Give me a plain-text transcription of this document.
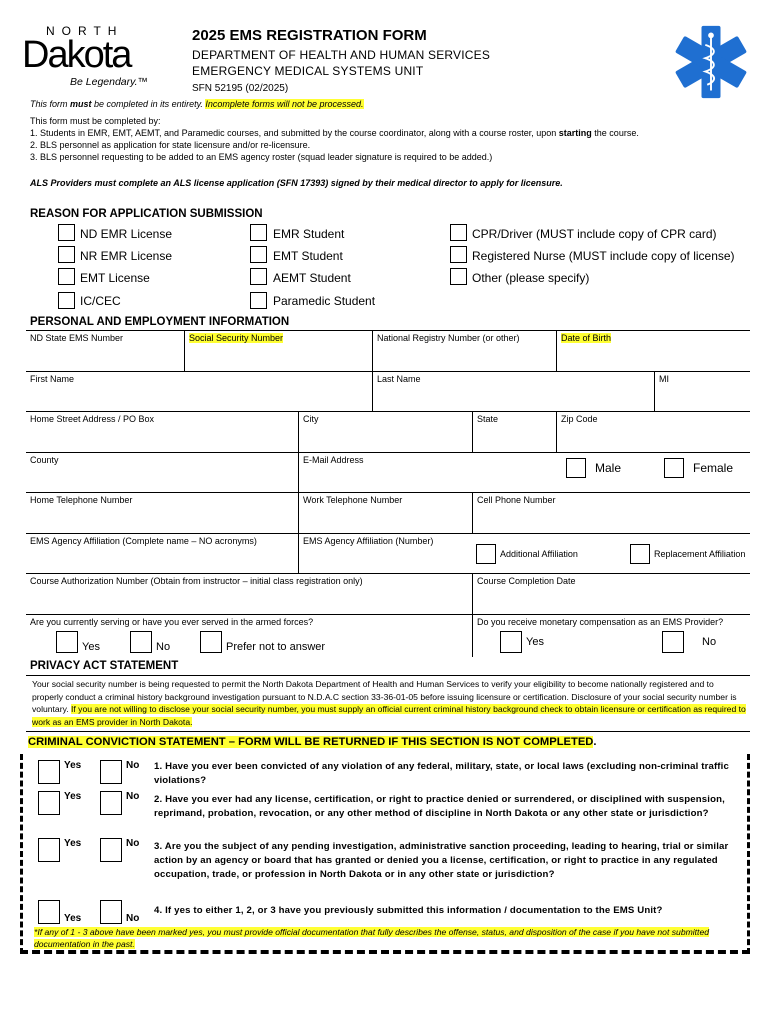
NORTH
Dakota
Be Legendary.™
2025 EMS REGISTRATION FORM
DEPARTMENT OF HEALTH AND HUMAN SERVICES
EMERGENCY MEDICAL SYSTEMS UNIT
SFN 52195 (02/2025)

This form must be completed in its entirety. Incomplete forms will not be processed.

This form must be completed by:

1. Students in EMR, EMT, AEMT, and Paramedic courses, and submitted by the course coordinator, along with a course roster, upon starting the course.

2. BLS personnel as application for state licensure and/or re-licensure.

3. BLS personnel requesting to be added to an EMS agency roster (squad leader signature is required to be added.)

ALS Providers must complete an ALS license application (SFN 17393) signed by their medical director to apply for licensure.
REASON FOR APPLICATION SUBMISSION
ND EMR License
NR EMR License
EMT License
IC/CEC
EMR Student
EMT Student
AEMT Student
Paramedic Student
CPR/Driver (MUST include copy of CPR card)
Registered Nurse (MUST include copy of license)
Other (please specify)
PERSONAL AND EMPLOYMENT INFORMATION
ND State EMS Number	Social Security Number	National Registry Number (or other)	Date of Birth
First Name	Last Name	MI
Home Street Address / PO Box	City	State	Zip Code
County	E-Mail Address
Male	Female
Home Telephone Number	Work Telephone Number	Cell Phone Number
EMS Agency Affiliation (Complete name – NO acronyms)	EMS Agency Affiliation (Number)
Additional Affiliation	Replacement Affiliation
Course Authorization Number (Obtain from instructor – initial class registration only)	Course Completion Date
Are you currently serving or have you ever served in the armed forces?	Do you receive monetary compensation as an EMS Provider?
Yes	No	Prefer not to answer	Yes	No
PRIVACY ACT STATEMENT
Your social security number is being requested to permit the North Dakota Department of Health and Human Services to verify your eligibility to become nationally registered and to properly conduct a criminal history background investigation pursuant to N.D.A.C section 33-36-01-05 before issuing licensure or certification. Disclosure of your social security number is voluntary. If you are not willing to disclose your social security number, you must supply an official current criminal history background check to obtain licensure or certification as required to work as an EMS provider in North Dakota.
CRIMINAL CONVICTION STATEMENT – FORM WILL BE RETURNED IF THIS SECTION IS NOT COMPLETED.
Yes	No 1. Have you ever been convicted of any violation of any federal, military, state, or local laws (excluding non-criminal traffic violations?
Yes	No 2. Have you ever had any license, certification, or right to practice denied or surrendered, or disciplined with suspension, reprimand, probation, revocation, or any other method of discipline in North Dakota or any other state or jurisdiction?
Yes	No 3. Are you the subject of any pending investigation, administrative sanction proceeding, leading to hearing, trial or similar action by an agency or board that has granted or denied you a license, certification, or right to practice in any regulated occupation, trade, or profession in North Dakota or in any other state or jurisdiction?
Yes	No
4. If yes to either 1, 2, or 3 have you previously submitted this information / documentation to the EMS Unit?
*If any of 1 - 3 above have been marked yes, you must provide official documentation that fully describes the offense, status, and disposition of the case if you have not submitted documentation in the past.
